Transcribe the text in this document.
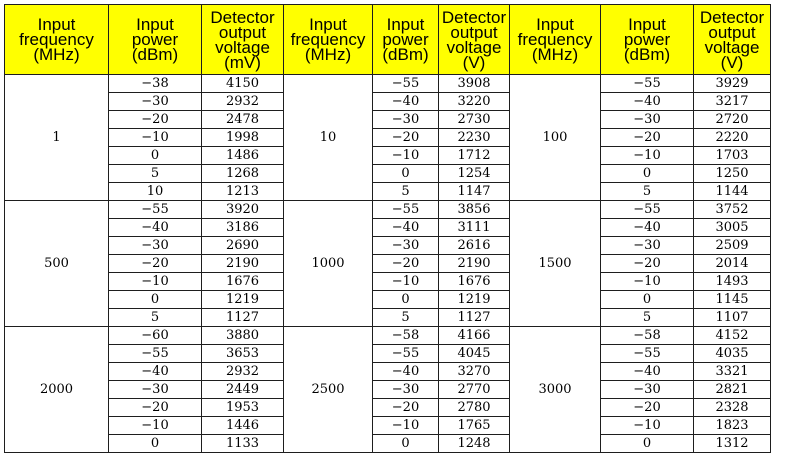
Input
frequency
(MHz)	Input
power
(dBm)	Detector
output
voltage
(mV)	Input
frequency
(MHz)	Input
power
(dBm)	Detector
output
voltage
(V)	Input
frequency
(MHz)	Input
power
(dBm)	Detector
output
voltage
(V)

1	−38	4150	10	−55	3908	100	−55	3929
	−30	2932		−40	3220		−40	3217
	−20	2478		−30	2730		−30	2720
	−10	1998		−20	2230		−20	2220
	0	1486		−10	1712		−10	1703
	5	1268		0	1254		0	1250
	10	1213		5	1147		5	1144
500	−55	3920	1000	−55	3856	1500	−55	3752
	−40	3186		−40	3111		−40	3005
	−30	2690		−30	2616		−30	2509
	−20	2190		−20	2190		−20	2014
	−10	1676		−10	1676		−10	1493
	0	1219		0	1219		0	1145
	5	1127		5	1127		5	1107
2000	−60	3880	2500	−58	4166	3000	−58	4152
	−55	3653		−55	4045		−55	4035
	−40	2932		−40	3270		−40	3321
	−30	2449		−30	2770		−30	2821
	−20	1953		−20	2780		−20	2328
	−10	1446		−10	1765		−10	1823
	0	1133		0	1248		0	1312
